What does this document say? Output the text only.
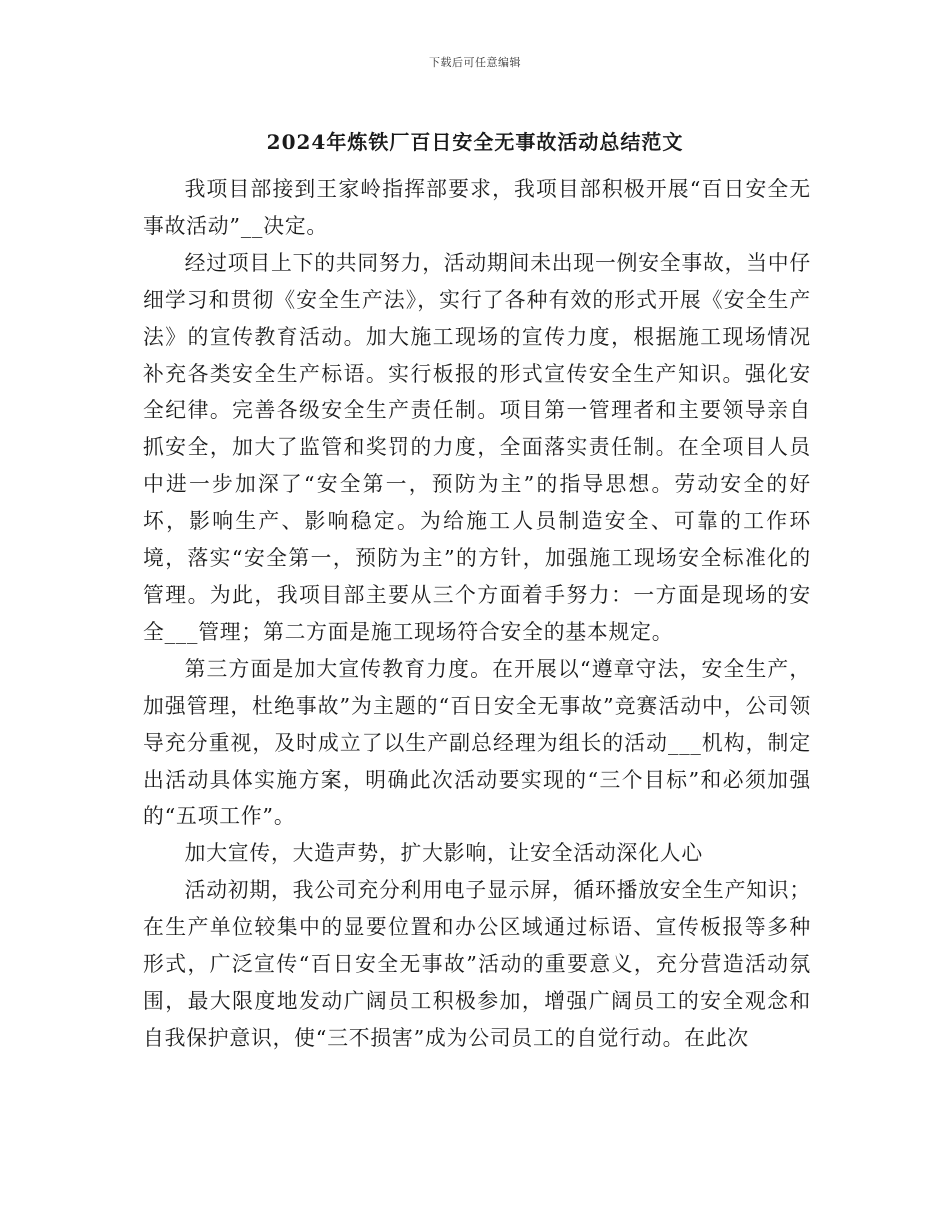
下载后可任意编辑
2024年炼铁厂百日安全无事故活动总结范文

我项目部接到王家岭指挥部要求，我项目部积极开展“百日安全无事故活动”__决定。

经过项目上下的共同努力，活动期间未出现一例安全事故，当中仔细学习和贯彻《安全生产法》，实行了各种有效的形式开展《安全生产法》的宣传教育活动。加大施工现场的宣传力度，根据施工现场情况补充各类安全生产标语。实行板报的形式宣传安全生产知识。强化安全纪律。完善各级安全生产责任制。项目第一管理者和主要领导亲自抓安全，加大了监管和奖罚的力度，全面落实责任制。在全项目人员中进一步加深了“安全第一，预防为主”的指导思想。劳动安全的好坏，影响生产、影响稳定。为给施工人员制造安全、可靠的工作环境，落实“安全第一，预防为主”的方针，加强施工现场安全标准化的管理。为此，我项目部主要从三个方面着手努力：一方面是现场的安全___管理；第二方面是施工现场符合安全的基本规定。

第三方面是加大宣传教育力度。在开展以“遵章守法，安全生产，加强管理，杜绝事故”为主题的“百日安全无事故”竞赛活动中，公司领导充分重视，及时成立了以生产副总经理为组长的活动___机构，制定出活动具体实施方案，明确此次活动要实现的“三个目标”和必须加强的“五项工作”。

加大宣传，大造声势，扩大影响，让安全活动深化人心

活动初期，我公司充分利用电子显示屏，循环播放安全生产知识；在生产单位较集中的显要位置和办公区域通过标语、宣传板报等多种形式，广泛宣传“百日安全无事故”活动的重要意义，充分营造活动氛围，最大限度地发动广阔员工积极参加，增强广阔员工的安全观念和自我保护意识，使“三不损害”成为公司员工的自觉行动。在此次
